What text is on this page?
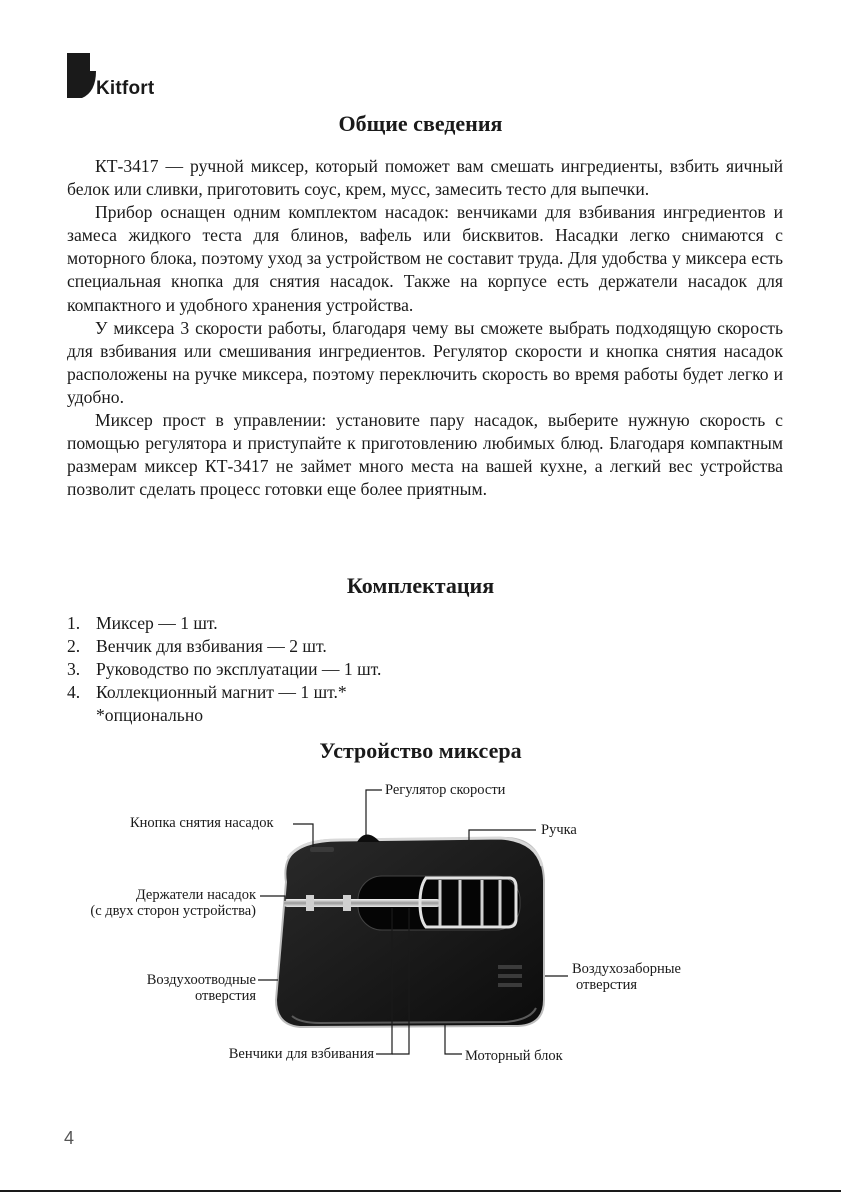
Kitfort
Общие сведения

КТ-3417 — ручной миксер, который поможет вам смешать ингредиенты, взбить яичный белок или сливки, приготовить соус, крем, мусс, замесить тесто для выпечки.

Прибор оснащен одним комплектом насадок: венчиками для взбивания ингредиентов и замеса жидкого теста для блинов, вафель или бисквитов. Насадки легко снимаются с моторного блока, поэтому уход за устройством не составит труда. Для удобства у миксера есть специальная кнопка для снятия насадок. Также на корпусе есть держатели насадок для компактного и удобного хранения устройства.

У миксера 3 скорости работы, благодаря чему вы сможете выбрать подходящую скорость для взбивания или смешивания ингредиентов. Регулятор скорости и кнопка снятия насадок расположены на ручке миксера, поэтому переключить скорость во время работы будет легко и удобно.

Миксер прост в управлении: установите пару насадок, выберите нужную скорость с помощью регулятора и приступайте к приготовлению любимых блюд. Благодаря компактным размерам миксер КТ-3417 не займет много места на вашей кухне, а легкий вес устройства позволит сделать процесс готовки еще более приятным.

Комплектация
1. Миксер — 1 шт.
2. Венчик для взбивания — 2 шт.
3. Руководство по эксплуатации — 1 шт.
4. Коллекционный магнит — 1 шт.*
*опционально
Устройство миксера
Регулятор скорости
Кнопка снятия насадок	Ручка
Держатели насадок
(с двух сторон устройства)
Воздухоотводные
отверстия
Воздухозаборные
отверстия
Венчики для взбивания	Моторный блок
4
